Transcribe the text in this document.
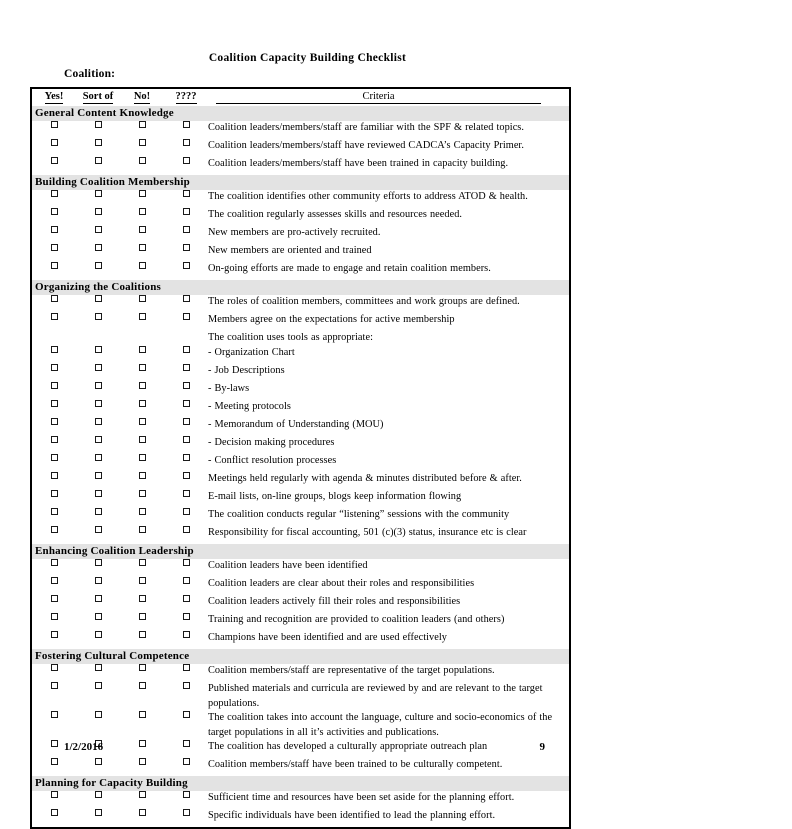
Coalition Capacity Building Checklist
Coalition:
Yes!	Sort of	No!	????	Criteria

General Content Knowledge				
				Coalition leaders/members/staff are familiar with the SPF & related topics.
				Coalition leaders/members/staff have reviewed CADCA’s Capacity Primer.
				Coalition leaders/members/staff have been trained in capacity building.
Building Coalition Membership				
				The coalition identifies other community efforts to address ATOD & health.
				The coalition regularly assesses skills and resources needed.
				New members are pro-actively recruited.
				New members are oriented and trained
				On-going efforts are made to engage and retain coalition members.
Organizing the Coalitions				
				The roles of coalition members, committees and work groups are defined.
				Members agree on the expectations for active membership
				The coalition uses tools as appropriate:
				- Organization Chart
				- Job Descriptions
				- By-laws
				- Meeting protocols
				- Memorandum of Understanding (MOU)
				- Decision making procedures
				- Conflict resolution processes
				Meetings held regularly with agenda & minutes distributed before & after.
				E-mail lists, on-line groups, blogs keep information flowing
				The coalition conducts regular “listening” sessions with the community
				Responsibility for fiscal accounting, 501 (c)(3) status, insurance etc is clear
Enhancing Coalition Leadership				
				Coalition leaders have been identified
				Coalition leaders are clear about their roles and responsibilities
				Coalition leaders actively fill their roles and responsibilities
				Training and recognition are provided to coalition leaders (and others)
				Champions have been identified and are used effectively
Fostering Cultural Competence				
				Coalition members/staff are representative of the target populations.
				Published materials and curricula are reviewed by and are relevant to the target populations.
				The coalition takes into account the language, culture and socio-economics of the target populations in all it’s activities and publications.
				The coalition has developed a culturally appropriate outreach plan
				Coalition members/staff have been trained to be culturally competent.
Planning for Capacity Building				
				Sufficient time and resources have been set aside for the planning effort.
				Specific individuals have been identified to lead the planning effort.
1/2/2016	9
